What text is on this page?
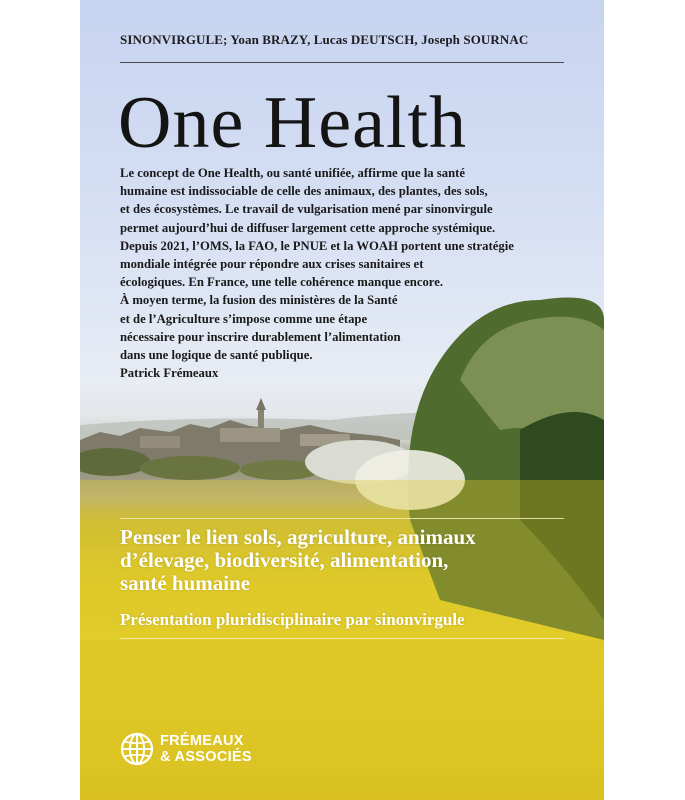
SINONVIRGULE; Yoan BRAZY, Lucas DEUTSCH, Joseph SOURNAC
One Health
Le concept de One Health, ou santé unifiée, affirme que la santé
humaine est indissociable de celle des animaux, des plantes, des sols,
et des écosystèmes. Le travail de vulgarisation mené par sinonvirgule
permet aujourd’hui de diffuser largement cette approche systémique.
Depuis 2021, l’OMS, la FAO, le PNUE et la WOAH portent une stratégie
mondiale intégrée pour répondre aux crises sanitaires et
écologiques. En France, une telle cohérence manque encore.
À moyen terme, la fusion des ministères de la Santé
et de l’Agriculture s’impose comme une étape
nécessaire pour inscrire durablement l’alimentation
dans une logique de santé publique.
Patrick Frémeaux
Penser le lien sols, agriculture, animaux
d’élevage, biodiversité, alimentation,
santé humaine
Présentation pluridisciplinaire par sinonvirgule
FRÉMEAUX
& ASSOCIÉS
